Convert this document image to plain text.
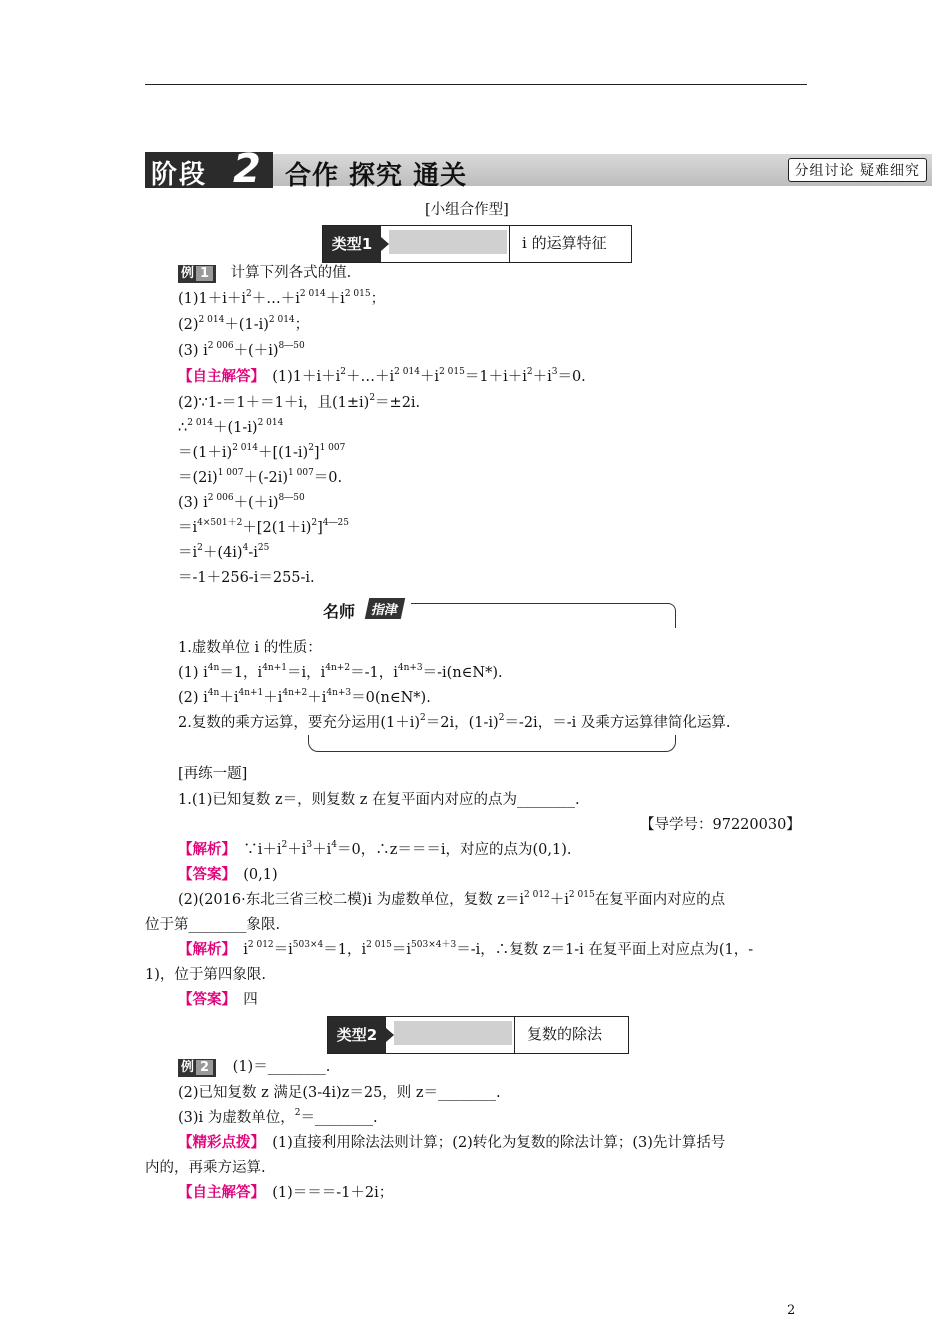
阶段 2 合作 探究 通关	分组讨论 疑难细究
[小组合作型]
类型1	i 的运算特征
例 1 计算下列各式的值.
$(1)1+i+i^2+\dots+i^{2 014}+i^{2 015}$；
$(2)^{2 014}+(1-i)^{2 014}$；
(3) $i^{2 006}+(+i)^{8―50}$
【自主解答】　 $(1)1+i+i^2+\dots+i^{2 014}+i^{2 015}=1+i+i^2+i^3=0$.
(2)∵1-＝1＋＝1＋i，且$(1\pm i)^2=\pm 2i$.
$\therefore^{2 014}+(1-i)^{2 014}$
$=(1+i)^{2 014}+[(1-i)^2]^{1 007}$
$=(2i)^{1 007}+(-2i)^{1 007}=0$.
(3) $i^{2 006}+(+i)^{8―50}$
$=i^{4\times 501+2}+[2(1+i)^2]^{4―25}$
$=i^2+(4i)^4-i^{25}$
＝-1＋256-i＝255-i.
名师	指津
1.虚数单位 i 的性质：
(1) $i^{4n}=1$，$i^{4n+1}=i$，$i^{4n+2}=-1$，$i^{4n+3}=-i(n\in N*)$.
(2) $i^{4n}+i^{4n+1}+i^{4n+2}+i^{4n+3}=0(n\in N*)$.
2.复数的乘方运算，要充分运用$(1+i)^2=2i$，$(1-i)^2=-2i$，＝-i 及乘方运算律简化运算.
[再练一题]
1.(1)已知复数 z＝，则复数 z 在复平面内对应的点为________.
【导学号：97220030】
【解析】　 $\because i+i^2+i^3+i^4=0$，∴z＝＝＝i，对应的点为(0,1).
【答案】　 (0,1)
(2)(2016·东北三省三校二模)i 为虚数单位，复数 $z=i^{2 012}+i^{2 015}$在复平面内对应的点
位于第________象限.
【解析】　 $i^{2 012}=i^{503\times 4}=1$，$i^{2 015}=i^{503\times 4+3}=-i$，∴复数 z＝1-i 在复平面上对应点为(1，-
1)，位于第四象限.
【答案】　 四
类型2	复数的除法
例 2 (1)＝________.
(2)已知复数 z 满足(3-4i)z＝25，则 z＝________.
(3)i 为虚数单位，$^2$＝________.
【精彩点拨】　 (1)直接利用除法法则计算；(2)转化为复数的除法计算；(3)先计算括号
内的，再乘方运算.
【自主解答】　 (1)＝＝＝-1＋2i；
2
